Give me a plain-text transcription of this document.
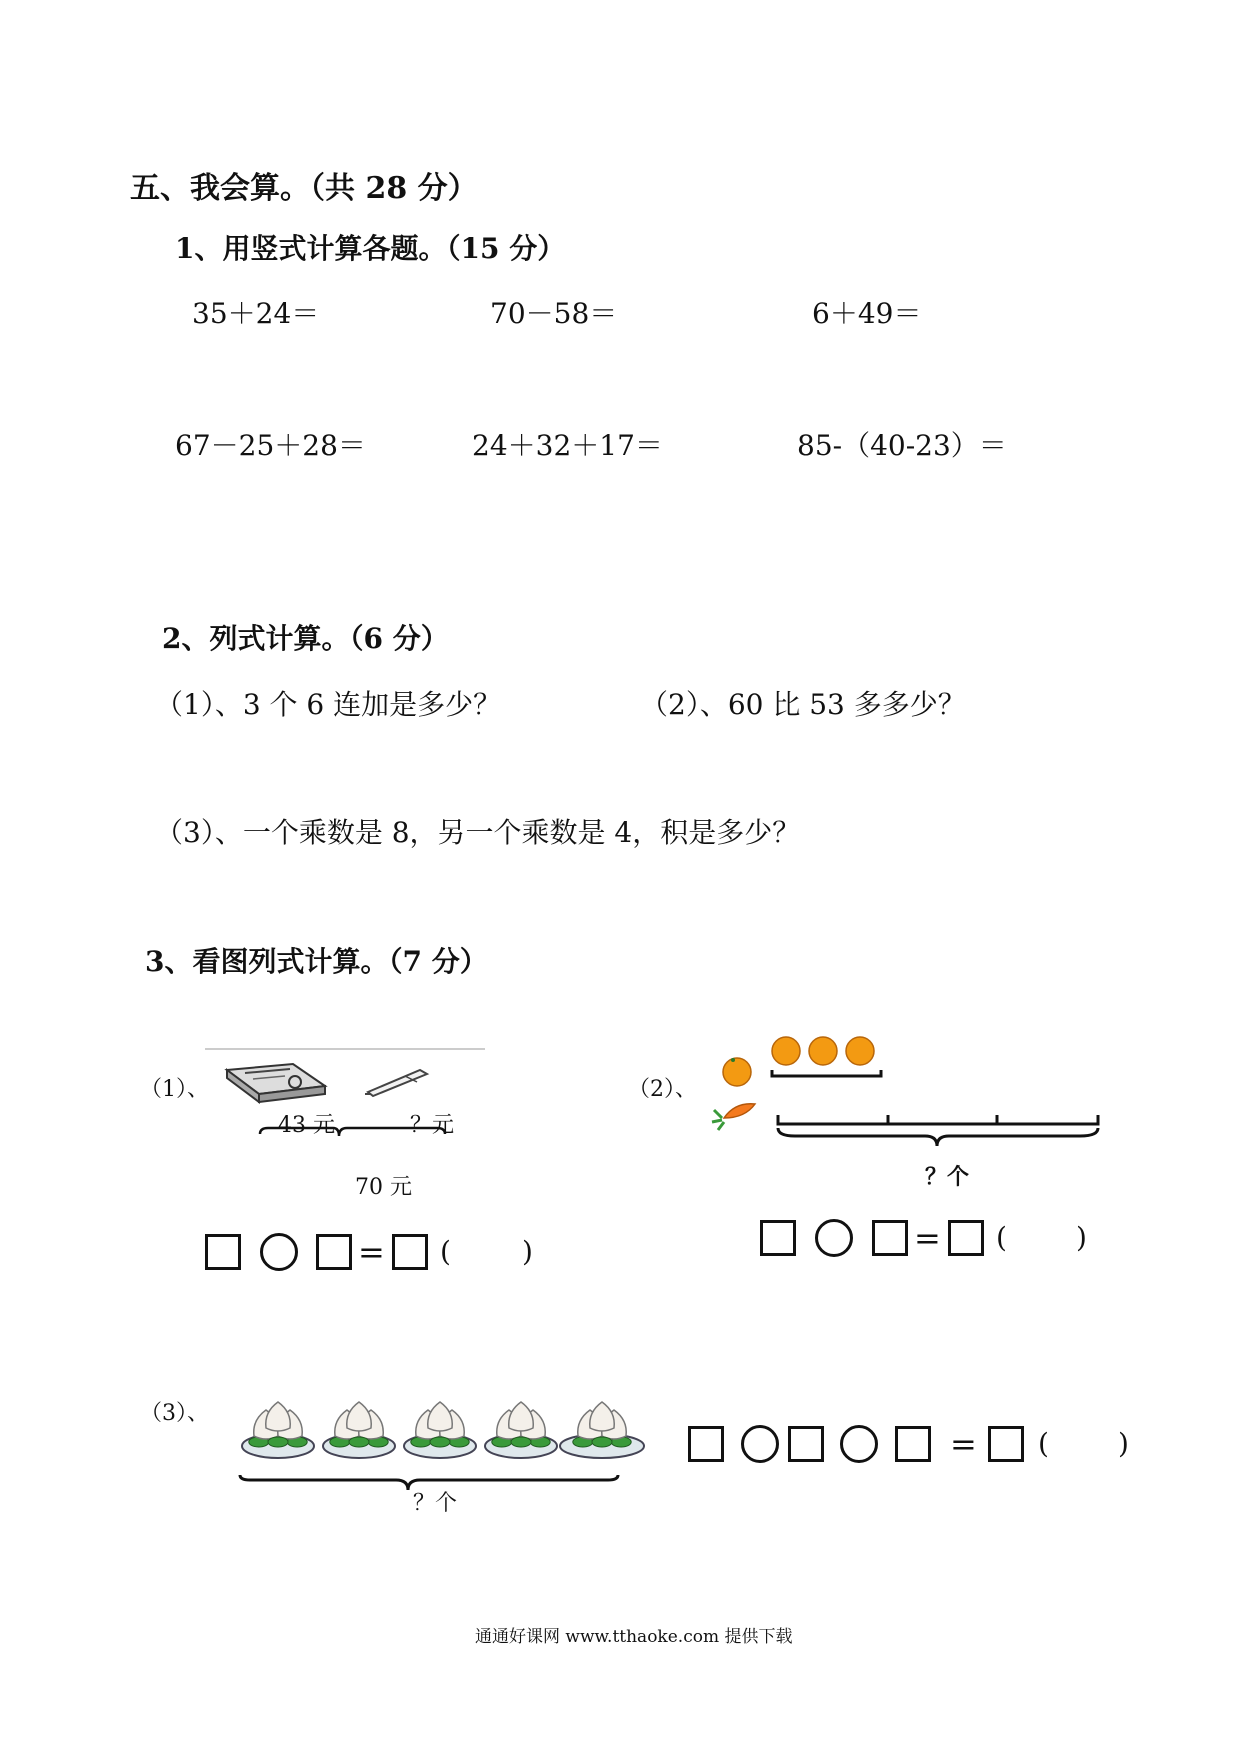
五、我会算。（共 28 分）
1、用竖式计算各题。（15 分）
35＋24＝	70－58＝	6＋49＝
67－25＋28＝	24＋32＋17＝	85-（40-23）＝
2、列式计算。（6 分）
（1）、3 个 6 连加是多少？	（2）、60 比 53 多多少？
（3）、一个乘数是 8，另一个乘数是 4，积是多少？
3、看图列式计算。（7 分）
（1）、
43 元	？元
70 元
= (	)
（2）、
？个
= ( )
（3）、
？个
= ( )
通通好课网 www.tthaoke.com 提供下载
